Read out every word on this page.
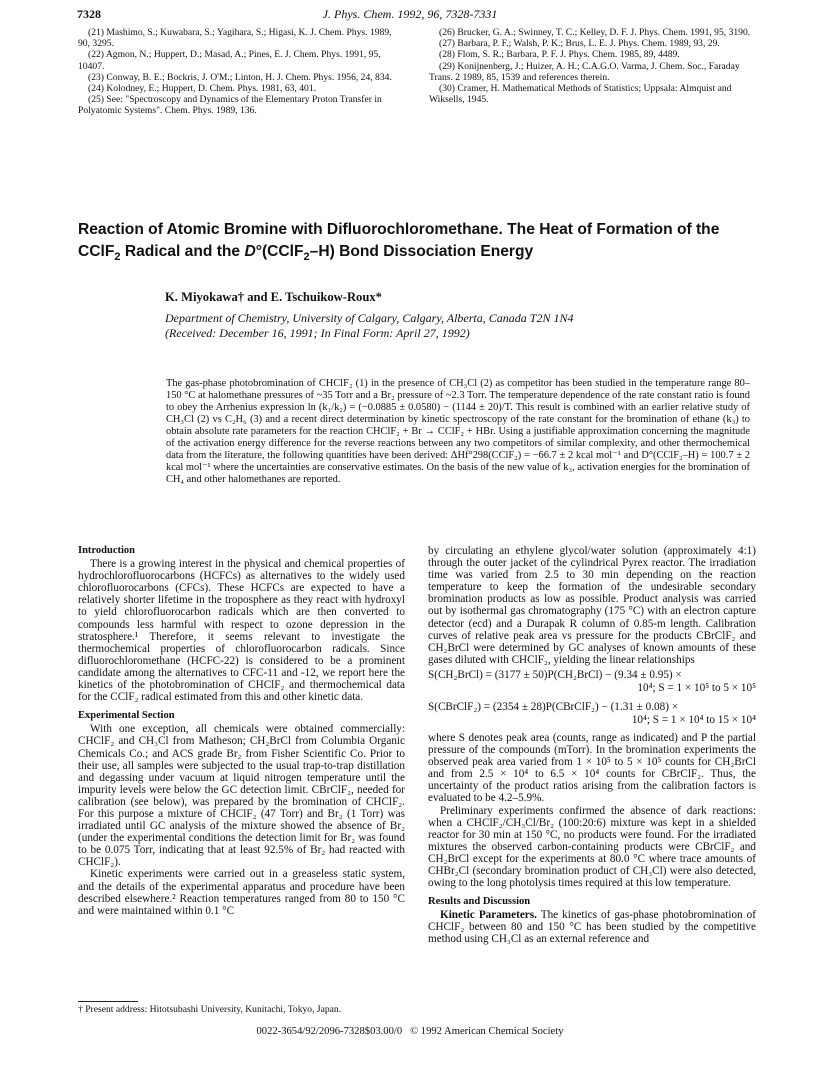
7328	J. Phys. Chem. 1992, 96, 7328-7331

(21) Mashimo, S.; Kuwabara, S.; Yagihara, S.; Higasi, K. J. Chem. Phys. 1989, 90, 3295.

(22) Agmon, N.; Huppert, D.; Masad, A.; Pines, E. J. Chem. Phys. 1991, 95, 10407.

(23) Conway, B. E.; Bockris, J. O'M.; Linton, H. J. Chem. Phys. 1956, 24, 834.

(24) Kolodney, E.; Huppert, D. Chem. Phys. 1981, 63, 401.

(25) See: "Spectroscopy and Dynamics of the Elementary Proton Transfer in Polyatomic Systems". Chem. Phys. 1989, 136.

(26) Brucker, G. A.; Swinney, T. C.; Kelley, D. F. J. Phys. Chem. 1991, 95, 3190.

(27) Barbara, P. F.; Walsh, P. K.; Brus, L. E. J. Phys. Chem. 1989, 93, 29.

(28) Flom, S. R.; Barbara, P. F. J. Phys. Chem. 1985, 89, 4489.

(29) Konijnenberg, J.; Huizer, A. H.; C.A.G.O. Varma, J. Chem. Soc., Faraday Trans. 2 1989, 85, 1539 and references therein.

(30) Cramer, H. Mathematical Methods of Statistics; Uppsala: Almquist and Wiksells, 1945.

Reaction of Atomic Bromine with Difluorochloromethane. The Heat of Formation of the
CClF$_2$ Radical and the D°(CClF$_2$–H) Bond Dissociation Energy
K. Miyokawa† and E. Tschuikow-Roux*
Department of Chemistry, University of Calgary, Calgary, Alberta, Canada T2N 1N4
(Received: December 16, 1991; In Final Form: April 27, 1992)
The gas-phase photobromination of CHClF₂ (1) in the presence of CH₃Cl (2) as competitor has been studied in the temperature range 80–150 °C at halomethane pressures of ~35 Torr and a Br₂ pressure of ~2.3 Torr. The temperature dependence of the rate constant ratio is found to obey the Arrhenius expression ln (k₁/k₂) = (−0.0885 ± 0.0580) − (1144 ± 20)/T. This result is combined with an earlier relative study of CH₃Cl (2) vs C₂H₆ (3) and a recent direct determination by kinetic spectroscopy of the rate constant for the bromination of ethane (k₃) to obtain absolute rate parameters for the reaction CHClF₂ + Br → CClF₂ + HBr. Using a justifiable approximation concerning the magnitude of the activation energy difference for the reverse reactions between any two competitors of similar complexity, and other thermochemical data from the literature, the following quantities have been derived: ΔHf°298(CClF₂) = −66.7 ± 2 kcal mol⁻¹ and D°(CClF₂–H) = 100.7 ± 2 kcal mol⁻¹ where the uncertainties are conservative estimates. On the basis of the new value of k₃, activation energies for the bromination of CH₄ and other halomethanes are reported.

Introduction

There is a growing interest in the physical and chemical properties of hydrochlorofluorocarbons (HCFCs) as alternatives to the widely used chlorofluorocarbons (CFCs). These HCFCs are expected to have a relatively shorter lifetime in the troposphere as they react with hydroxyl to yield chlorofluorocarbon radicals which are then converted to compounds less harmful with respect to ozone depression in the stratosphere.¹ Therefore, it seems relevant to investigate the thermochemical properties of chlorofluorocarbon radicals. Since difluorochloromethane (HCFC-22) is considered to be a prominent candidate among the alternatives to CFC-11 and -12, we report here the kinetics of the photobromination of CHClF₂ and thermochemical data for the CClF₂ radical estimated from this and other kinetic data.

Experimental Section

With one exception, all chemicals were obtained commercially: CHClF₂ and CH₃Cl from Matheson; CH₂BrCl from Columbia Organic Chemicals Co.; and ACS grade Br₂ from Fisher Scientific Co. Prior to their use, all samples were subjected to the usual trap-to-trap distillation and degassing under vacuum at liquid nitrogen temperature until the impurity levels were below the GC detection limit. CBrClF₂, needed for calibration (see below), was prepared by the bromination of CHClF₂. For this purpose a mixture of CHClF₂ (47 Torr) and Br₂ (1 Torr) was irradiated until GC analysis of the mixture showed the absence of Br₂ (under the experimental conditions the detection limit for Br₂ was found to be 0.075 Torr, indicating that at least 92.5% of Br₂ had reacted with CHClF₂).

Kinetic experiments were carried out in a greaseless static system, and the details of the experimental apparatus and procedure have been described elsewhere.² Reaction temperatures ranged from 80 to 150 °C and were maintained within 0.1 °C

† Present address: Hitotsubashi University, Kunitachi, Tokyo, Japan.

by circulating an ethylene glycol/water solution (approximately 4:1) through the outer jacket of the cylindrical Pyrex reactor. The irradiation time was varied from 2.5 to 30 min depending on the reaction temperature to keep the formation of the undesirable secondary bromination products as low as possible. Product analysis was carried out by isothermal gas chromatography (175 °C) with an electron capture detector (ecd) and a Durapak R column of 0.85-m length. Calibration curves of relative peak area vs pressure for the products CBrClF₂ and CH₂BrCl were determined by GC analyses of known amounts of these gases diluted with CHClF₂, yielding the linear relationships

S(CH₂BrCl) = (3177 ± 50)P(CH₂BrCl) − (9.34 ± 0.95) ×
10⁴; S = 1 × 10⁵ to 5 × 10⁵
S(CBrClF₂) = (2354 ± 28)P(CBrClF₂) − (1.31 ± 0.08) ×
10⁴; S = 1 × 10⁴ to 15 × 10⁴

where S denotes peak area (counts, range as indicated) and P the partial pressure of the compounds (mTorr). In the bromination experiments the observed peak area varied from 1 × 10⁵ to 5 × 10⁵ counts for CH₂BrCl and from 2.5 × 10⁴ to 6.5 × 10⁴ counts for CBrClF₂. Thus, the uncertainty of the product ratios arising from the calibration factors is evaluated to be 4.2–5.9%.

Preliminary experiments confirmed the absence of dark reactions: when a CHClF₂/CH₃Cl/Br₂ (100:20:6) mixture was kept in a shielded reactor for 30 min at 150 °C, no products were found. For the irradiated mixtures the observed carbon-containing products were CBrClF₂ and CH₂BrCl except for the experiments at 80.0 °C where trace amounts of CHBr₂Cl (secondary bromination product of CH₃Cl) were also detected, owing to the long photolysis times required at this low temperature.

Results and Discussion

Kinetic Parameters. The kinetics of gas-phase photobromination of CHClF₂ between 80 and 150 °C has been studied by the competitive method using CH₃Cl as an external reference and

0022-3654/92/2096-7328$03.00/0 © 1992 American Chemical Society
